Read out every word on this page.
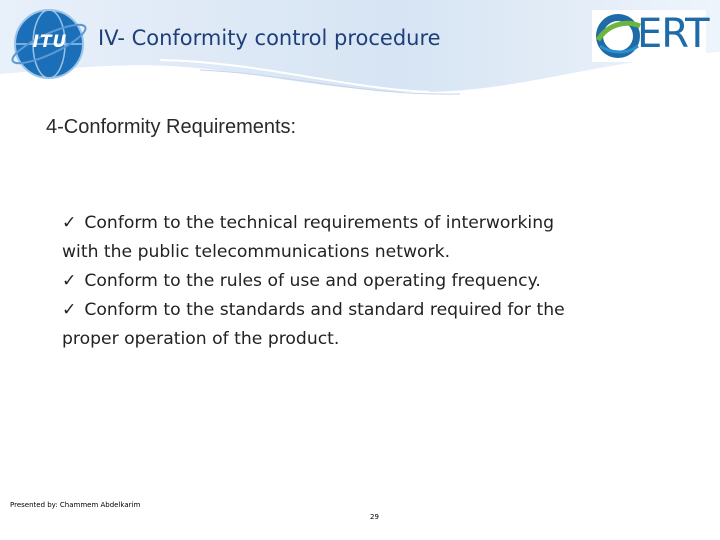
ITU	IV- Conformity control procedure	ERT
4-Conformity Requirements:
✓ Conform to the technical requirements of interworking
with the public telecommunications network.
✓ Conform to the rules of use and operating frequency.
✓ Conform to the standards and standard required for the
proper operation of the product.
Presented by: Chammem Abdelkarim
29
